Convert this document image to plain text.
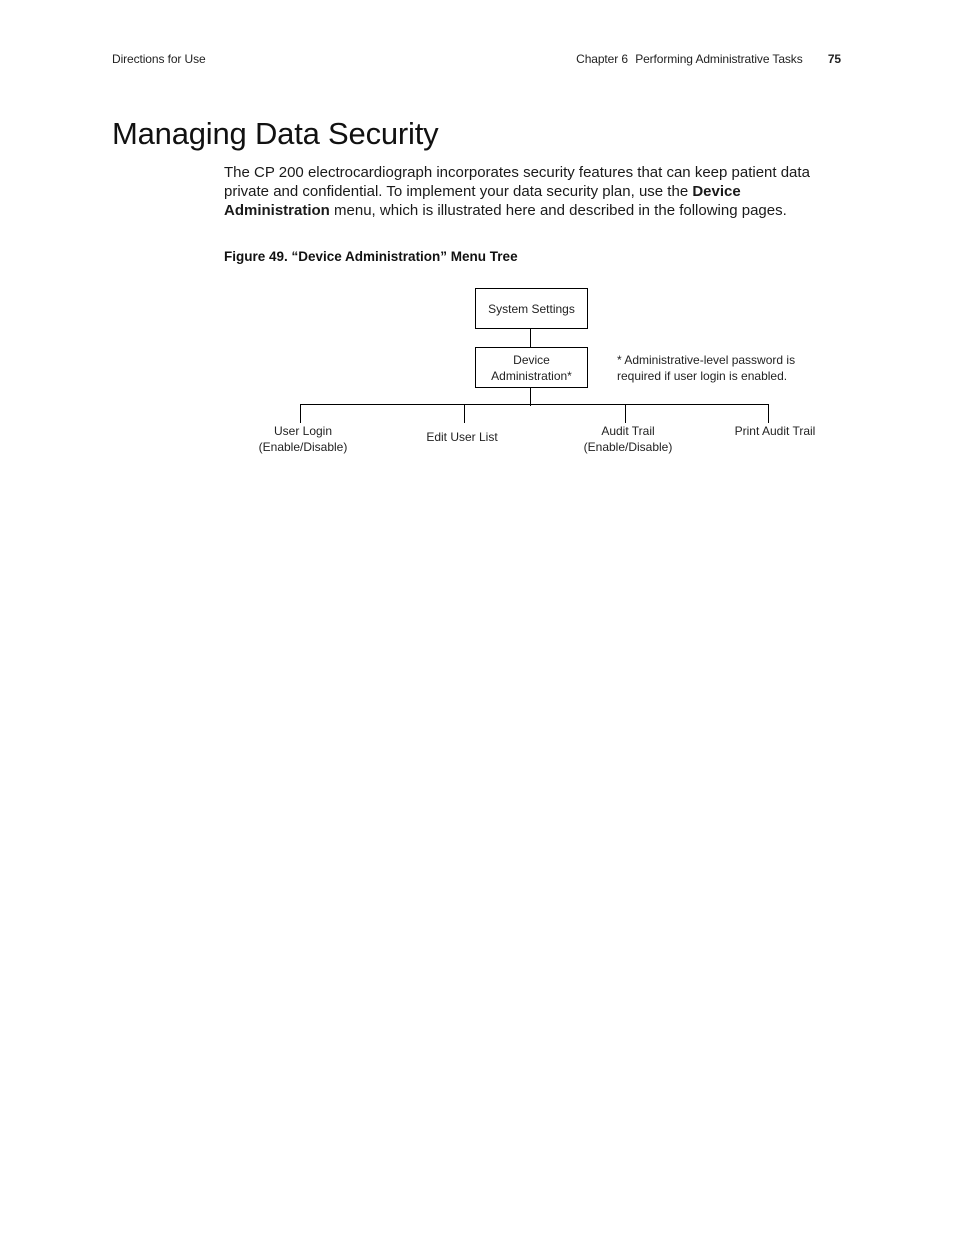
Directions for Use	Chapter 6 Performing Administrative Tasks 75
Managing Data Security

The CP 200 electrocardiograph incorporates security features that can keep patient data private and confidential. To implement your data security plan, use the Device Administration menu, which is illustrated here and described in the following pages.

Figure 49. “Device Administration” Menu Tree

System Settings
Device
Administration*
* Administrative-level password is
required if user login is enabled.
User Login
(Enable/Disable)
Edit User List	Audit Trail
(Enable/Disable)
Print Audit Trail
